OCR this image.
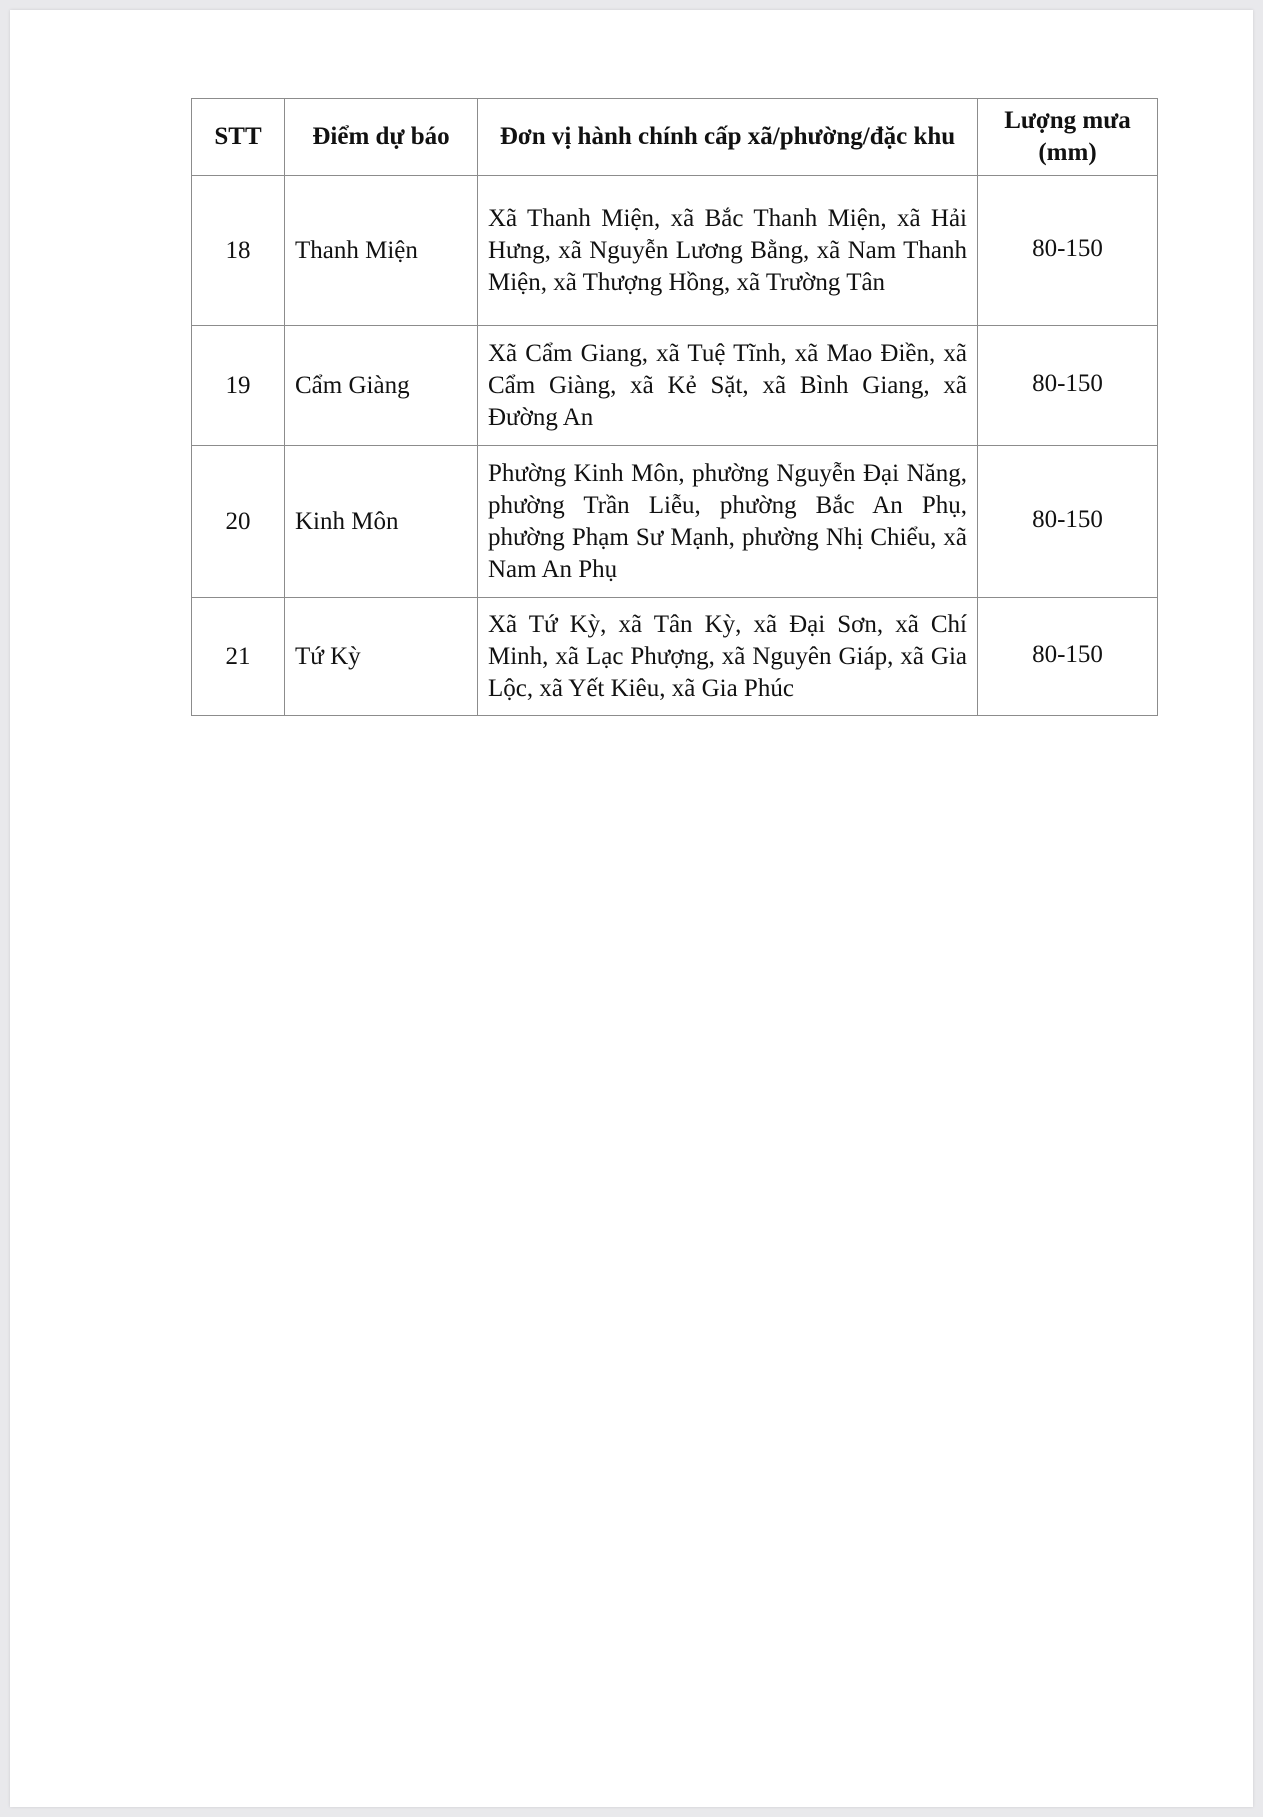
STT	Điểm dự báo	Đơn vị hành chính cấp xã/phường/đặc khu	Lượng mưa (mm)
18	Thanh Miện	Xã Thanh Miện, xã Bắc Thanh Miện, xã Hải Hưng, xã Nguyễn Lương Bằng, xã Nam Thanh Miện, xã Thượng Hồng, xã Trường Tân	80-150
19	Cẩm Giàng	Xã Cẩm Giang, xã Tuệ Tĩnh, xã Mao Điền, xã Cẩm Giàng, xã Kẻ Sặt, xã Bình Giang, xã Đường An	80-150
20	Kinh Môn	Phường Kinh Môn, phường Nguyễn Đại Năng, phường Trần Liễu, phường Bắc An Phụ, phường Phạm Sư Mạnh, phường Nhị Chiểu, xã Nam An Phụ	80-150
21	Tứ Kỳ	Xã Tứ Kỳ, xã Tân Kỳ, xã Đại Sơn, xã Chí Minh, xã Lạc Phượng, xã Nguyên Giáp, xã Gia Lộc, xã Yết Kiêu, xã Gia Phúc	80-150
